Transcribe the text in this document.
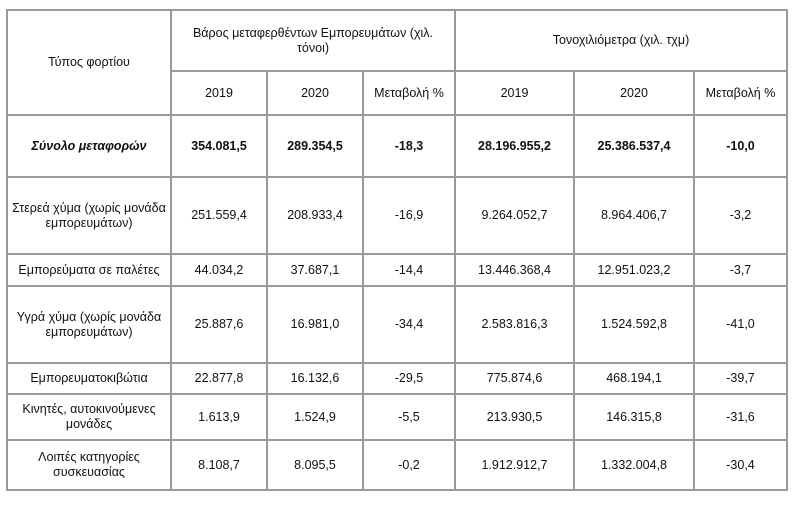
Τύπος φορτίου	Βάρος μεταφερθέντων Εμπορευμάτων (χιλ. τόνοι)			Τονοχιλιόμετρα (χιλ. τχμ)		
	2019	2020	Μεταβολή %	2019	2020	Μεταβολή %
Σύνολο μεταφορών	354.081,5	289.354,5	-18,3	28.196.955,2	25.386.537,4	-10,0
Στερεά χύμα (χωρίς μονάδα εμπορευμάτων)	251.559,4	208.933,4	-16,9	9.264.052,7	8.964.406,7	-3,2
Εμπορεύματα σε παλέτες	44.034,2	37.687,1	-14,4	13.446.368,4	12.951.023,2	-3,7
Υγρά χύμα (χωρίς μονάδα εμπορευμάτων)	25.887,6	16.981,0	-34,4	2.583.816,3	1.524.592,8	-41,0
Εμπορευματοκιβώτια	22.877,8	16.132,6	-29,5	775.874,6	468.194,1	-39,7
Κινητές, αυτοκινούμενες μονάδες	1.613,9	1.524,9	-5,5	213.930,5	146.315,8	-31,6
Λοιπές κατηγορίες συσκευασίας	8.108,7	8.095,5	-0,2	1.912.912,7	1.332.004,8	-30,4
